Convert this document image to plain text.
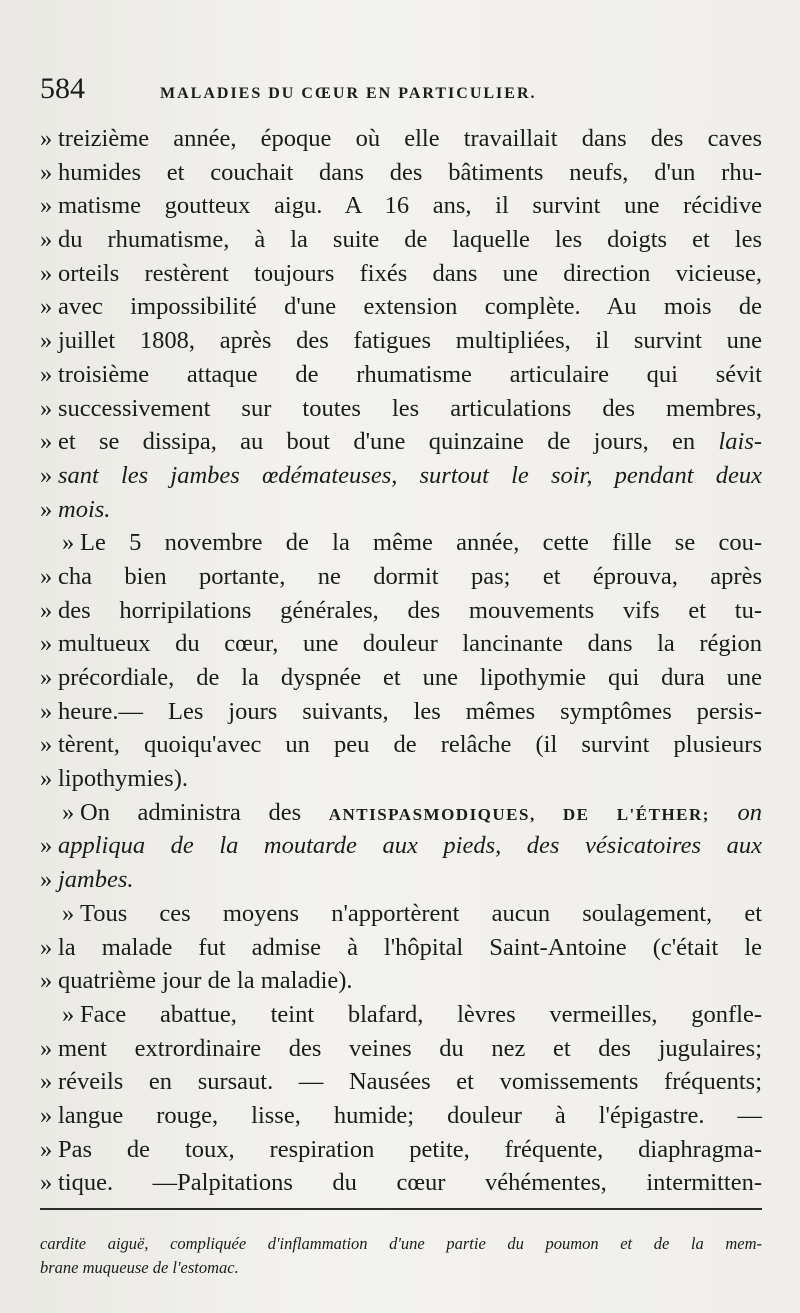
584	MALADIES DU CŒUR EN PARTICULIER.
» treizième année, époque où elle travaillait dans des caves
» humides et couchait dans des bâtiments neufs, d'un rhu-
» matisme goutteux aigu. A 16 ans, il survint une récidive
» du rhumatisme, à la suite de laquelle les doigts et les
» orteils restèrent toujours fixés dans une direction vicieuse,
» avec impossibilité d'une extension complète. Au mois de
» juillet 1808, après des fatigues multipliées, il survint une
» troisième attaque de rhumatisme articulaire qui sévit
» successivement sur toutes les articulations des membres,
» et se dissipa, au bout d'une quinzaine de jours, en lais-
» sant les jambes œdémateuses, surtout le soir, pendant deux
» mois.
» Le 5 novembre de la même année, cette fille se cou-
» cha bien portante, ne dormit pas; et éprouva, après
» des horripilations générales, des mouvements vifs et tu-
» multueux du cœur, une douleur lancinante dans la région
» précordiale, de la dyspnée et une lipothymie qui dura une
» heure.— Les jours suivants, les mêmes symptômes persis-
» tèrent, quoiqu'avec un peu de relâche (il survint plusieurs
» lipothymies).
» On administra des ANTISPASMODIQUES, DE L'ÉTHER; on
» appliqua de la moutarde aux pieds, des vésicatoires aux
» jambes.
» Tous ces moyens n'apportèrent aucun soulagement, et
» la malade fut admise à l'hôpital Saint-Antoine (c'était le
» quatrième jour de la maladie).
» Face abattue, teint blafard, lèvres vermeilles, gonfle-
» ment extrordinaire des veines du nez et des jugulaires;
» réveils en sursaut. — Nausées et vomissements fréquents;
» langue rouge, lisse, humide; douleur à l'épigastre. —
» Pas de toux, respiration petite, fréquente, diaphragma-
» tique. —Palpitations du cœur véhémentes, intermitten-
cardite aiguë, compliquée d'inflammation d'une partie du poumon et de la mem-
brane muqueuse de l'estomac.
